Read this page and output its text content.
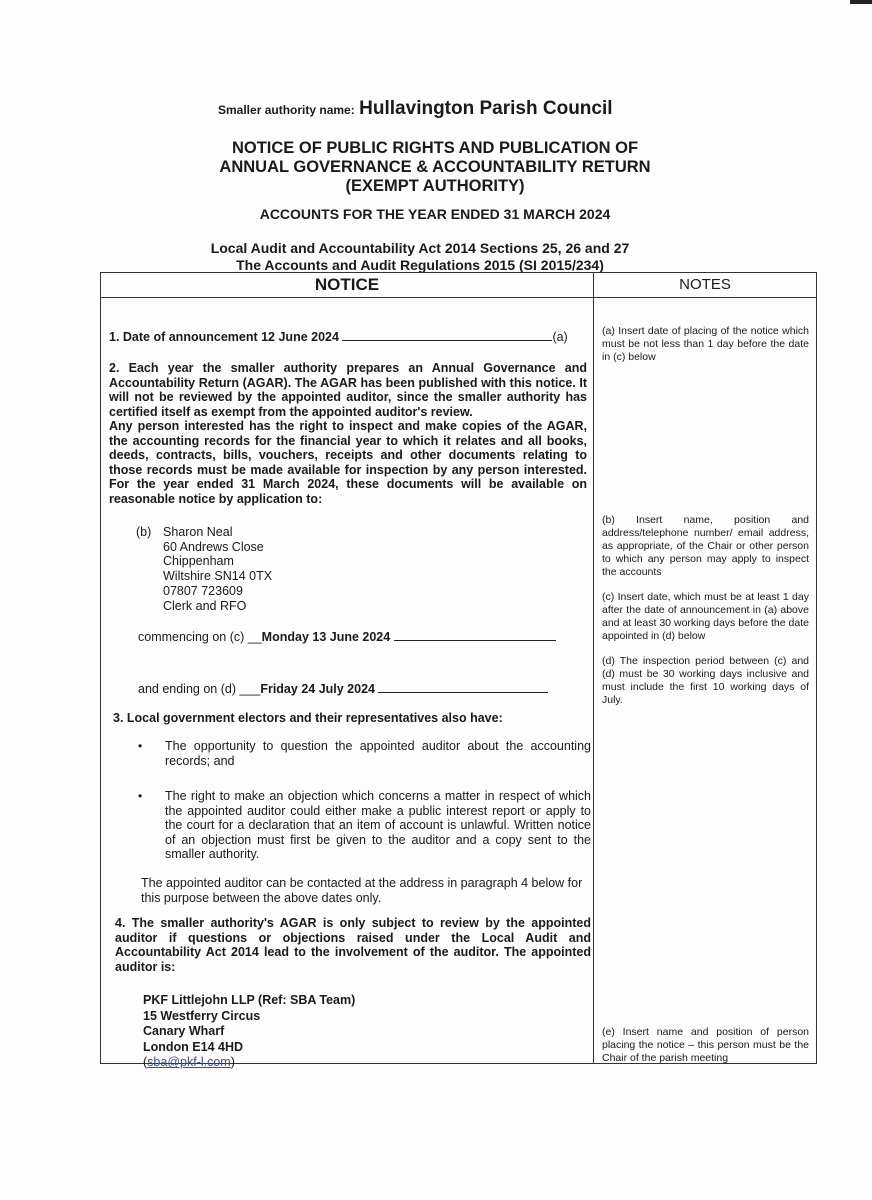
Smaller authority name: Hullavington Parish Council
NOTICE OF PUBLIC RIGHTS AND PUBLICATION OF ANNUAL GOVERNANCE & ACCOUNTABILITY RETURN (EXEMPT AUTHORITY)
ACCOUNTS FOR THE YEAR ENDED 31 MARCH 2024
Local Audit and Accountability Act 2014 Sections 25, 26 and 27
The Accounts and Audit Regulations 2015 (SI 2015/234)
NOTICE
1. Date of announcement 12 June 2024	(a)
2. Each year the smaller authority prepares an Annual Governance and Accountability Return (AGAR). The AGAR has been published with this notice. It will not be reviewed by the appointed auditor, since the smaller authority has certified itself as exempt from the appointed auditor's review.
Any person interested has the right to inspect and make copies of the AGAR, the accounting records for the financial year to which it relates and all books, deeds, contracts, bills, vouchers, receipts and other documents relating to those records must be made available for inspection by any person interested. For the year ended 31 March 2024, these documents will be available on reasonable notice by application to:
(b) Sharon Neal
60 Andrews Close
Chippenham
Wiltshire SN14 0TX
07807 723609
Clerk and RFO
commencing on (c) __Monday 13 June 2024
and ending on (d) ___Friday 24 July 2024
3. Local government electors and their representatives also have:
• The opportunity to question the appointed auditor about the accounting records; and
• The right to make an objection which concerns a matter in respect of which the appointed auditor could either make a public interest report or apply to the court for a declaration that an item of account is unlawful. Written notice of an objection must first be given to the auditor and a copy sent to the smaller authority.
The appointed auditor can be contacted at the address in paragraph 4 below for this purpose between the above dates only.
4. The smaller authority's AGAR is only subject to review by the appointed auditor if questions or objections raised under the Local Audit and Accountability Act 2014 lead to the involvement of the auditor. The appointed auditor is:
PKF Littlejohn LLP (Ref: SBA Team)
15 Westferry Circus
Canary Wharf
London E14 4HD
(sba@pkf-l.com)
NOTES
(a) Insert date of placing of the notice which must be not less than 1 day before the date in (c) below
(b) Insert name, position and address/telephone number/ email address, as appropriate, of the Chair or other person to which any person may apply to inspect the accounts
(c) Insert date, which must be at least 1 day after the date of announcement in (a) above and at least 30 working days before the date appointed in (d) below
(d) The inspection period between (c) and (d) must be 30 working days inclusive and must include the first 10 working days of July.
(e) Insert name and position of person placing the notice – this person must be the Chair of the parish meeting
